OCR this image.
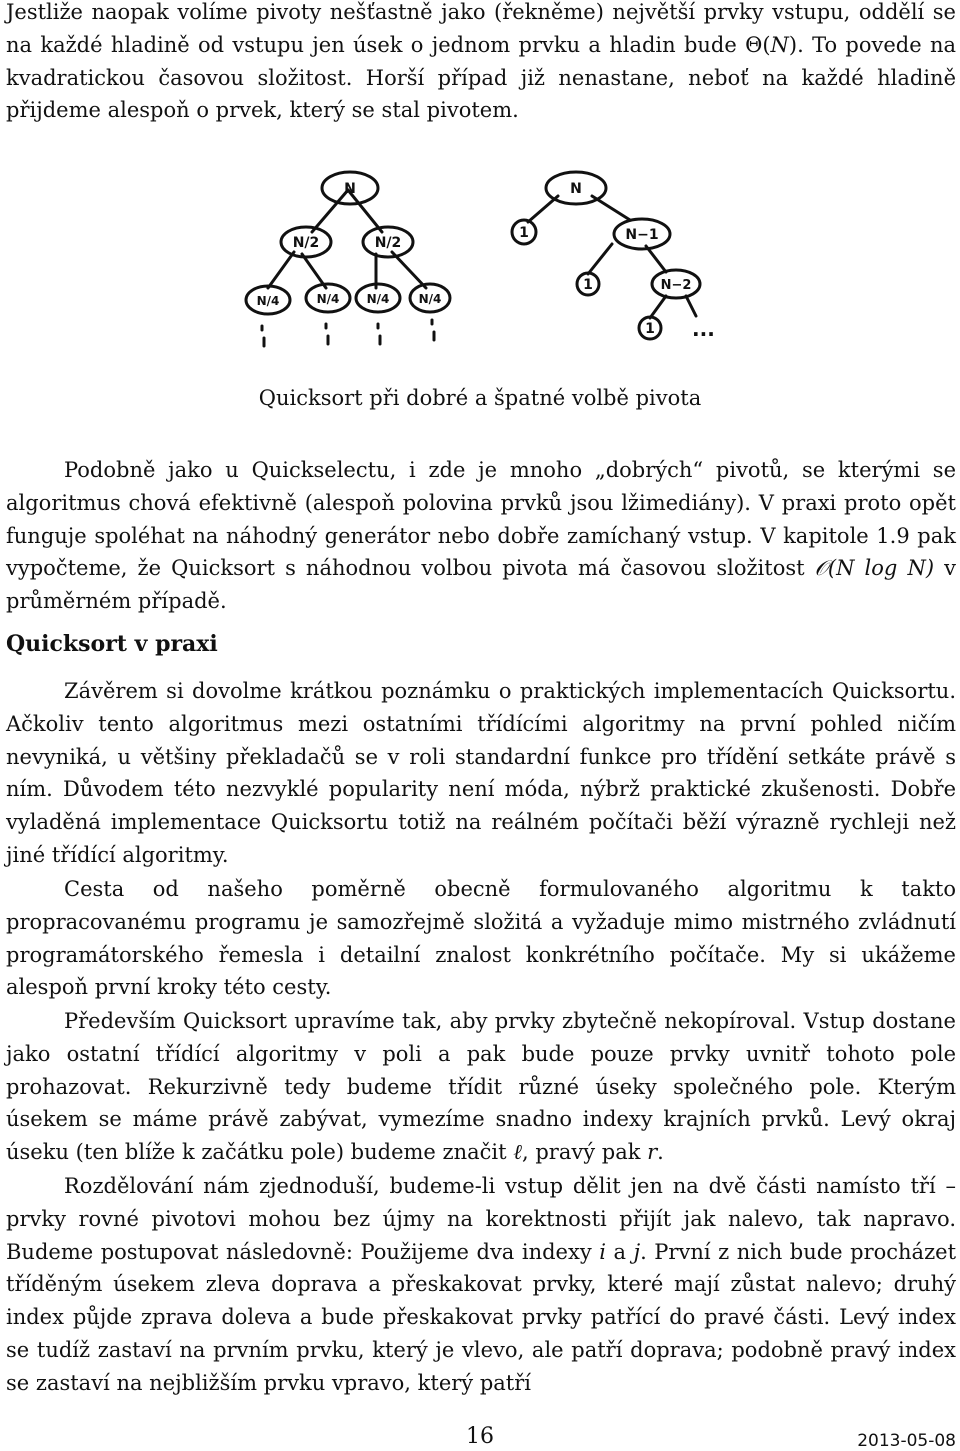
Jestliže naopak volíme pivoty nešťastně jako (řekněme) největší prvky vstupu, oddělí se na každé hladině od vstupu jen úsek o jednom prvku a hladin bude Θ(N). To povede na kvadratickou časovou složitost. Horší případ již nenastane, neboť na každé hladině přijdeme alespoň o prvek, který se stal pivotem.

N
N/2	N/2
N/4	N/4 N/4 N/4
N
1	N−1
1	N−2
1 ...

Quicksort při dobré a špatné volbě pivota

Podobně jako u Quickselectu, i zde je mnoho „dobrých“ pivotů, se kterými se algoritmus chová efektivně (alespoň polovina prvků jsou lžimediány). V praxi proto opět funguje spoléhat na náhodný generátor nebo dobře zamíchaný vstup. V kapitole 1.9 pak vypočteme, že Quicksort s náhodnou volbou pivota má časovou složitost 𝒪(N log N) v průměrném případě.

Quicksort v praxi

Závěrem si dovolme krátkou poznámku o praktických implementacích Quicksortu. Ačkoliv tento algoritmus mezi ostatními třídícími algoritmy na první pohled ničím nevyniká, u většiny překladačů se v roli standardní funkce pro třídění setkáte právě s ním. Důvodem této nezvyklé popularity není móda, nýbrž praktické zkušenosti. Dobře vyladěná implementace Quicksortu totiž na reálném počítači běží výrazně rychleji než jiné třídící algoritmy.

Cesta od našeho poměrně obecně formulovaného algoritmu k takto propracovanému programu je samozřejmě složitá a vyžaduje mimo mistrného zvládnutí programátorského řemesla i detailní znalost konkrétního počítače. My si ukážeme alespoň první kroky této cesty.

Především Quicksort upravíme tak, aby prvky zbytečně nekopíroval. Vstup dostane jako ostatní třídící algoritmy v poli a pak bude pouze prvky uvnitř tohoto pole prohazovat. Rekurzivně tedy budeme třídit různé úseky společného pole. Kterým úsekem se máme právě zabývat, vymezíme snadno indexy krajních prvků. Levý okraj úseku (ten blíže k začátku pole) budeme značit ℓ, pravý pak r.

Rozdělování nám zjednoduší, budeme-li vstup dělit jen na dvě části namísto tří – prvky rovné pivotovi mohou bez újmy na korektnosti přijít jak nalevo, tak napravo. Budeme postupovat následovně: Použijeme dva indexy i a j. První z nich bude procházet tříděným úsekem zleva doprava a přeskakovat prvky, které mají zůstat nalevo; druhý index půjde zprava doleva a bude přeskakovat prvky patřící do pravé části. Levý index se tudíž zastaví na prvním prvku, který je vlevo, ale patří doprava; podobně pravý index se zastaví na nejbližším prvku vpravo, který patří

16	2013-05-08
